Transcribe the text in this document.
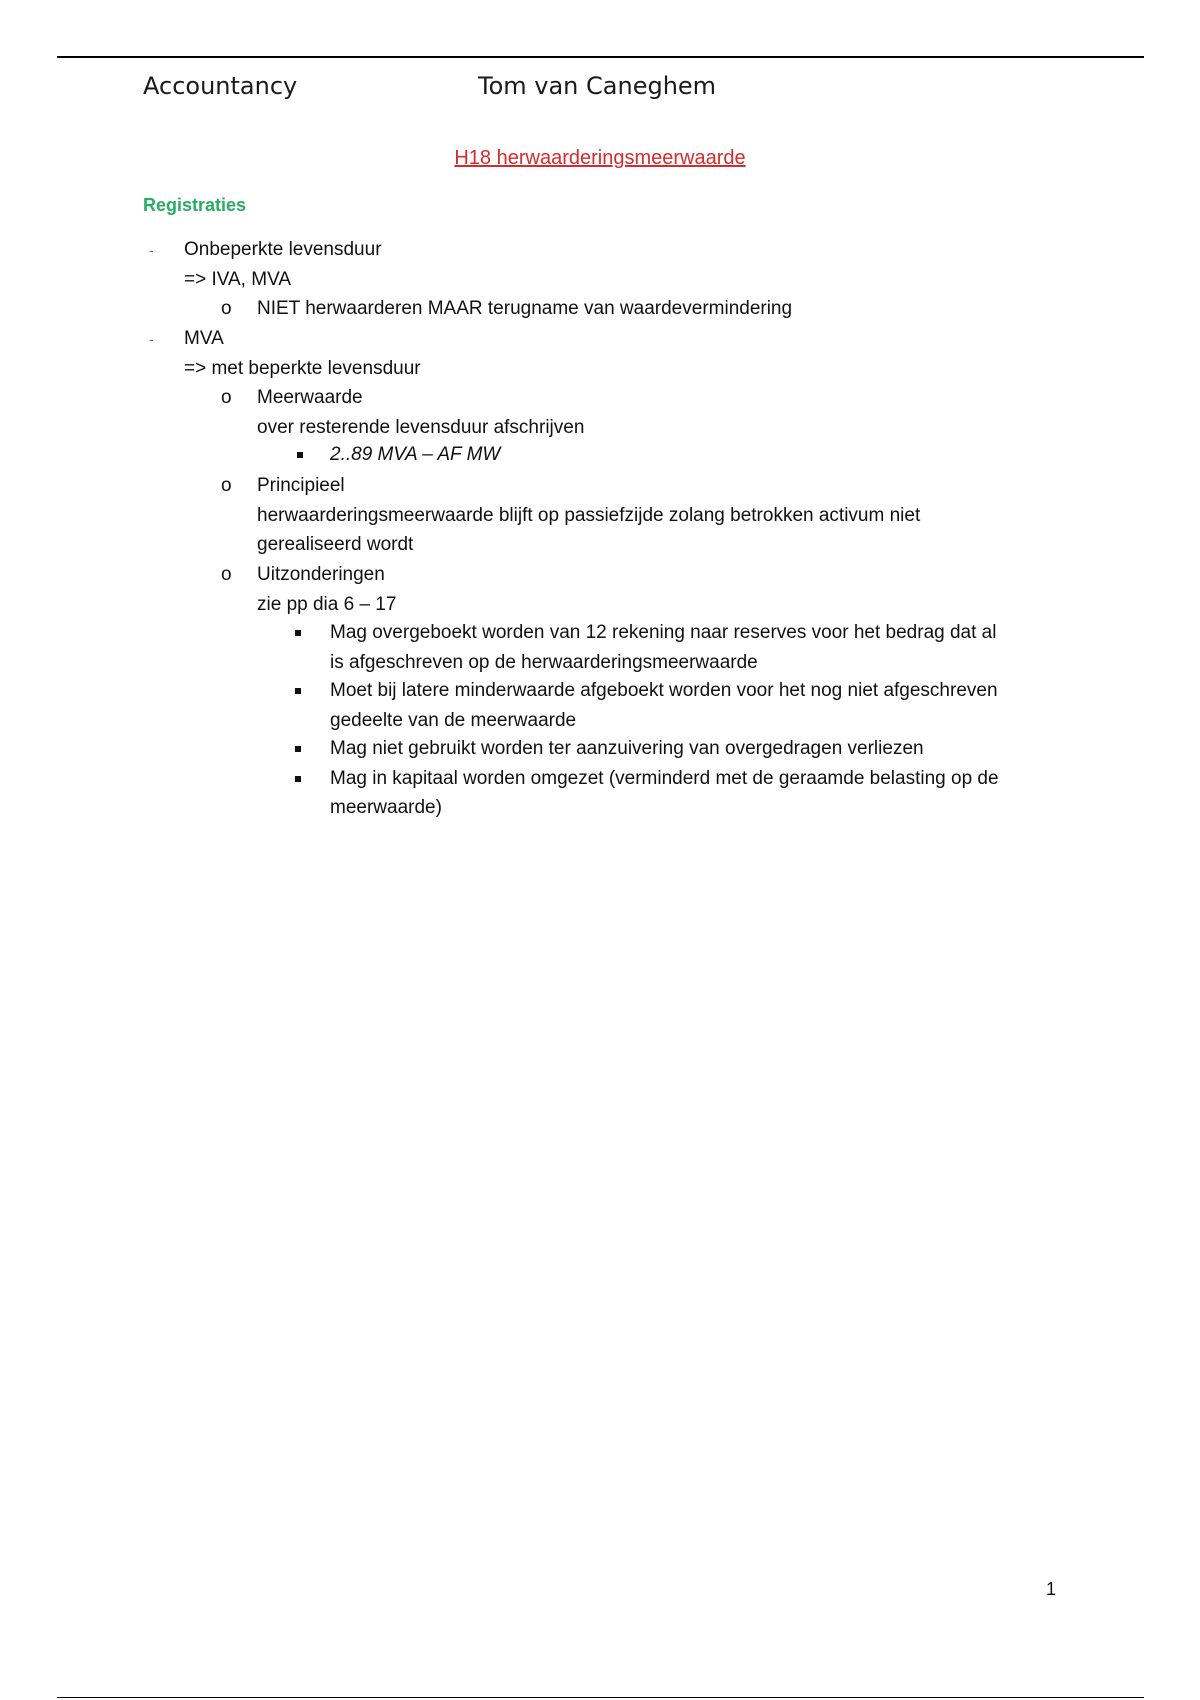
Accountancy	Tom van Caneghem
H18 herwaarderingsmeerwaarde
Registraties
- Onbeperkte levensduur
=> IVA, MVA
o NIET herwaarderen MAAR terugname van waardevermindering
- MVA
=> met beperkte levensduur
o Meerwaarde
over resterende levensduur afschrijven
2..89 MVA – AF MW
o Principieel
herwaarderingsmeerwaarde blijft op passiefzijde zolang betrokken activum niet
gerealiseerd wordt
o Uitzonderingen
zie pp dia 6 – 17
Mag overgeboekt worden van 12 rekening naar reserves voor het bedrag dat al
is afgeschreven op de herwaarderingsmeerwaarde
Moet bij latere minderwaarde afgeboekt worden voor het nog niet afgeschreven
gedeelte van de meerwaarde
Mag niet gebruikt worden ter aanzuivering van overgedragen verliezen
Mag in kapitaal worden omgezet (verminderd met de geraamde belasting op de
meerwaarde)
1
